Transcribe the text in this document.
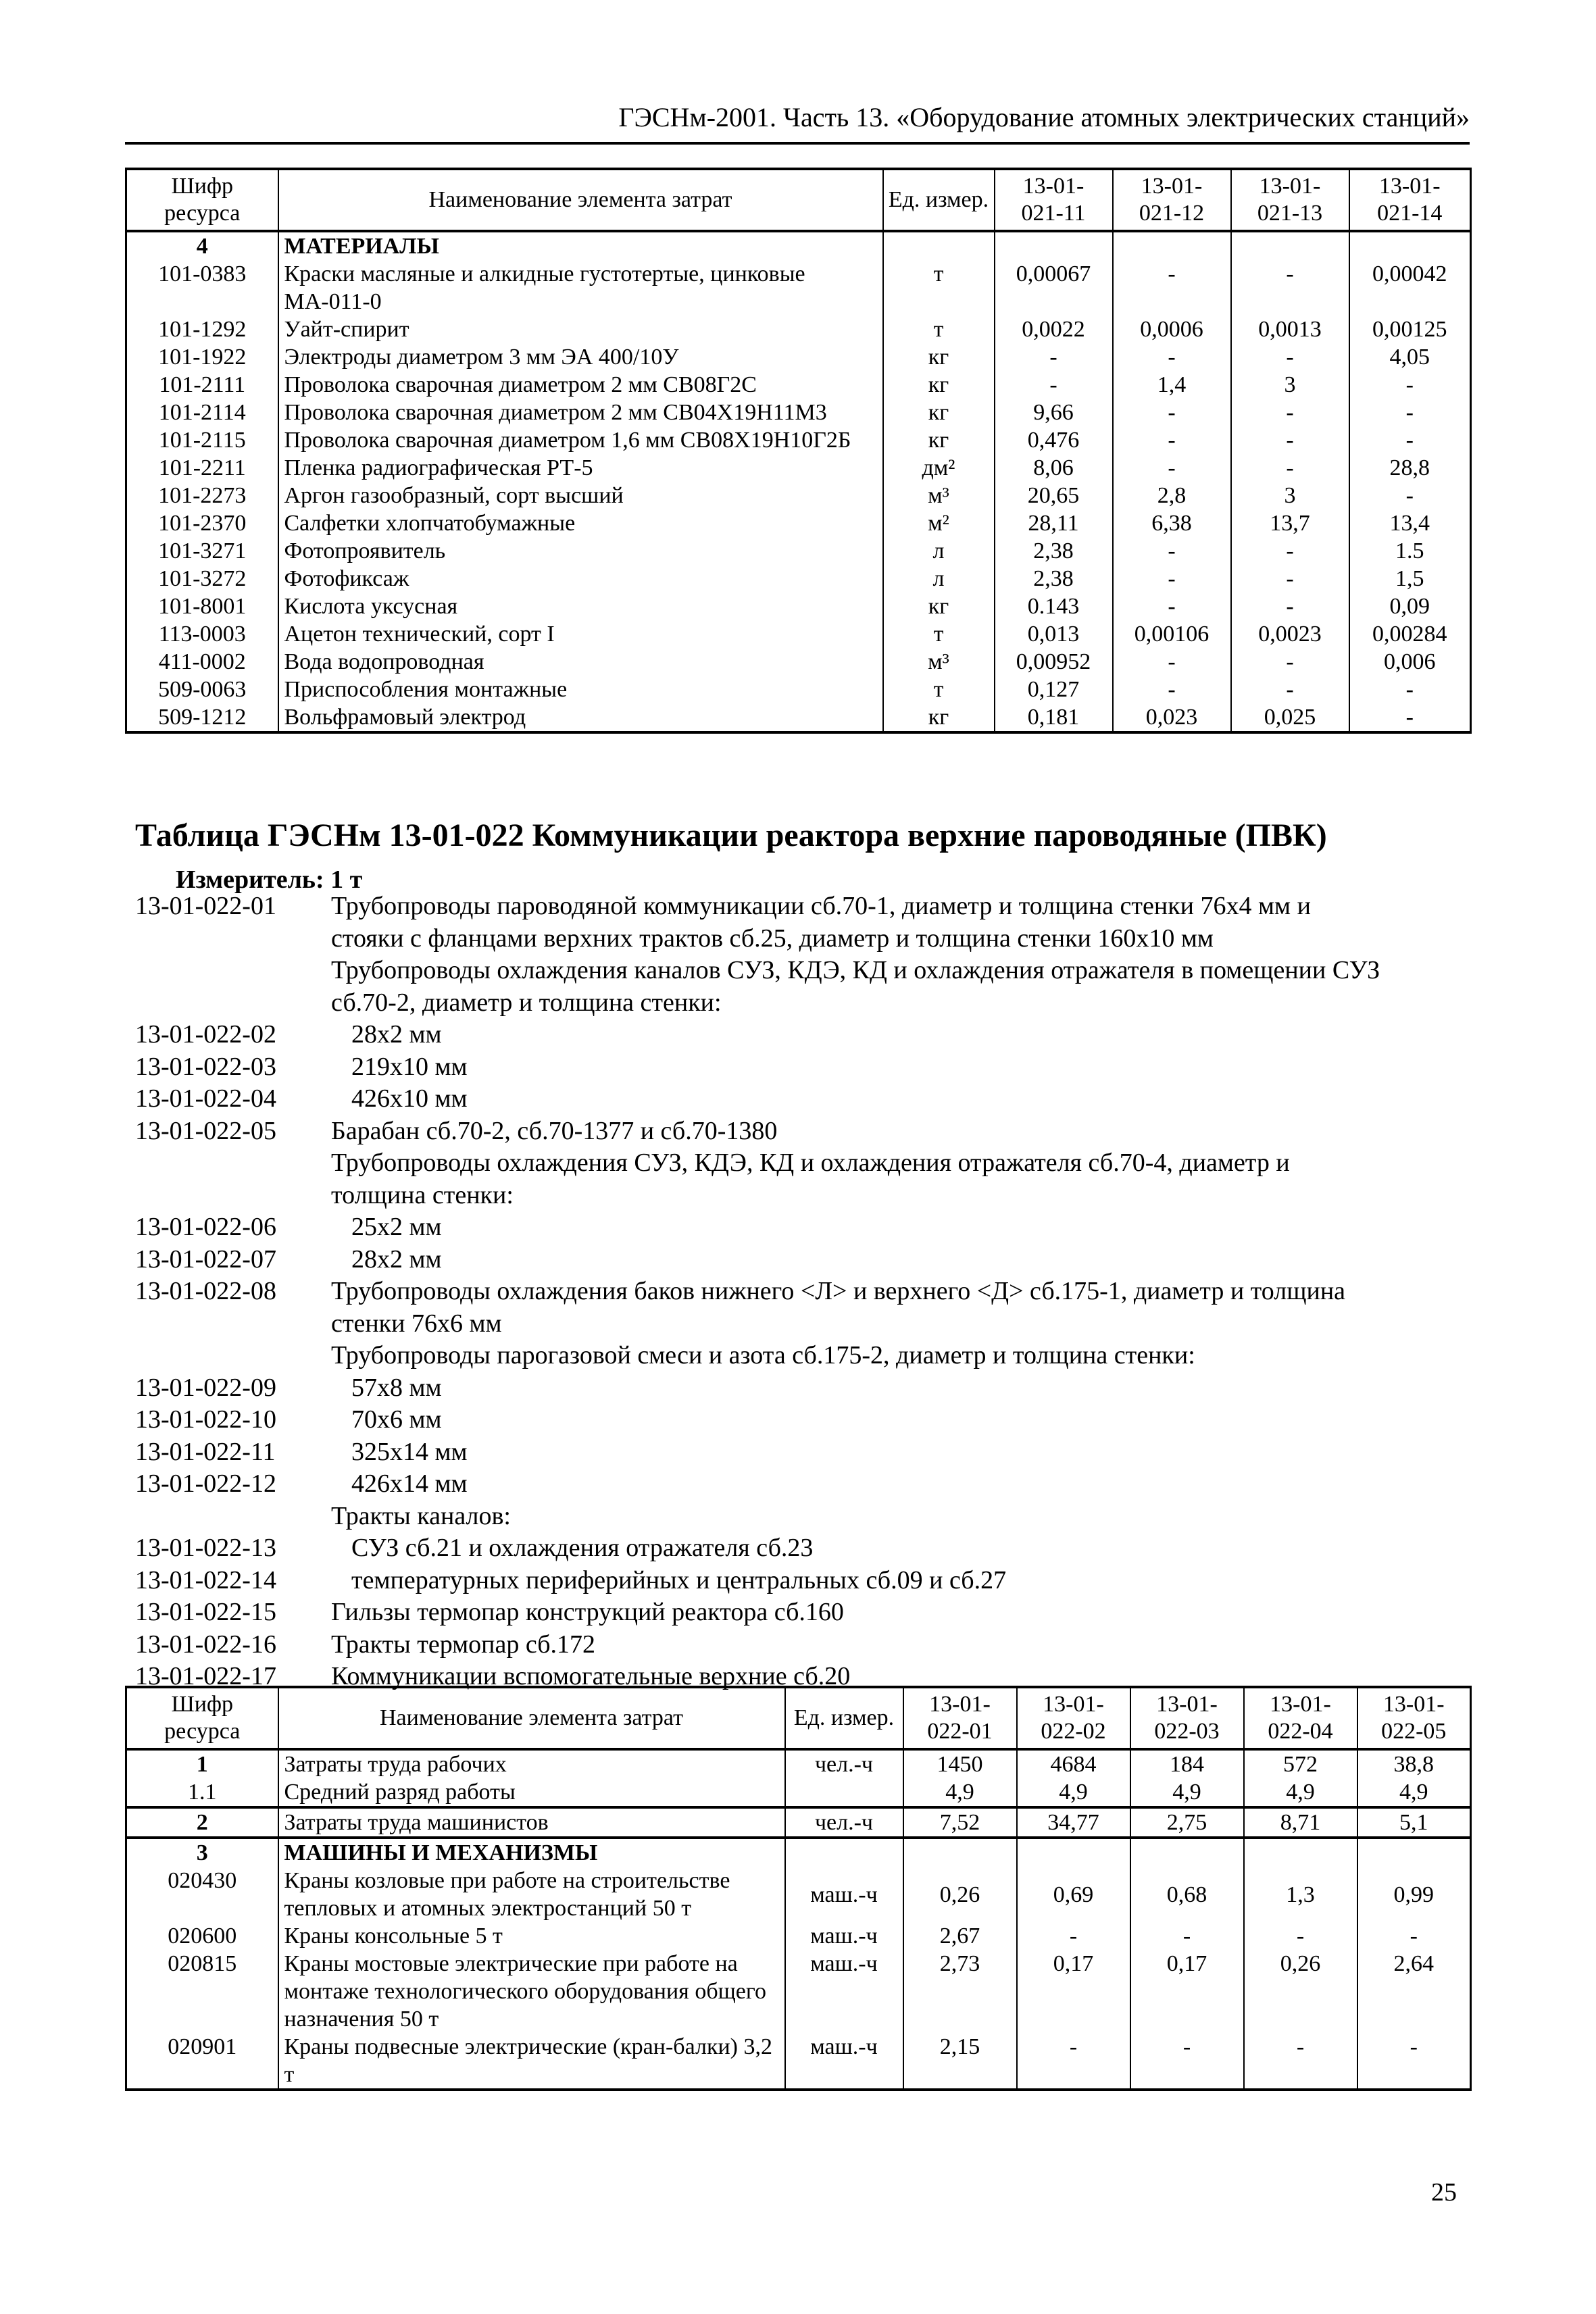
ГЭСНм-2001. Часть 13. «Оборудование атомных электрических станций»
Шифр
ресурса	Наименование элемента затрат	Ед. измер.	13-01-
021-11	13-01-
021-12	13-01-
021-13	13-01-
021-14
4	МАТЕРИАЛЫ					
101-0383	Краски масляные и алкидные густотертые, цинковые МА-011-0	т	0,00067	-	-	0,00042
101-1292	Уайт-спирит	т	0,0022	0,0006	0,0013	0,00125
101-1922	Электроды диаметром 3 мм ЭА 400/10У	кг	-	-	-	4,05
101-2111	Проволока сварочная диаметром 2 мм СВ08Г2С	кг	-	1,4	3	-
101-2114	Проволока сварочная диаметром 2 мм СВ04Х19Н11М3	кг	9,66	-	-	-
101-2115	Проволока сварочная диаметром 1,6 мм СВ08Х19Н10Г2Б	кг	0,476	-	-	-
101-2211	Пленка радиографическая РТ-5	дм²	8,06	-	-	28,8
101-2273	Аргон газообразный, сорт высший	м³	20,65	2,8	3	-
101-2370	Салфетки хлопчатобумажные	м²	28,11	6,38	13,7	13,4
101-3271	Фотопроявитель	л	2,38	-	-	1.5
101-3272	Фотофиксаж	л	2,38	-	-	1,5
101-8001	Кислота уксусная	кг	0.143	-	-	0,09
113-0003	Ацетон технический, сорт I	т	0,013	0,00106	0,0023	0,00284
411-0002	Вода водопроводная	м³	0,00952	-	-	0,006
509-0063	Приспособления монтажные	т	0,127	-	-	-
509-1212	Вольфрамовый электрод	кг	0,181	0,023	0,025	-
Таблица ГЭСНм 13-01-022 Коммуникации реактора верхние пароводяные (ПВК)
Измеритель: 1 т
13-01-022-01	Трубопроводы пароводяной коммуникации сб.70-1, диаметр и толщина стенки 76х4 мм и
стояки с фланцами верхних трактов сб.25, диаметр и толщина стенки 160х10 мм
Трубопроводы охлаждения каналов СУЗ, КДЭ, КД и охлаждения отражателя в помещении СУЗ
сб.70-2, диаметр и толщина стенки:
13-01-022-02	28х2 мм
13-01-022-03	219х10 мм
13-01-022-04	426х10 мм
13-01-022-05	Барабан сб.70-2, сб.70-1377 и сб.70-1380
Трубопроводы охлаждения СУЗ, КДЭ, КД и охлаждения отражателя сб.70-4, диаметр и
толщина стенки:
13-01-022-06	25х2 мм
13-01-022-07	28х2 мм
13-01-022-08	Трубопроводы охлаждения баков нижнего <Л> и верхнего <Д> сб.175-1, диаметр и толщина
стенки 76х6 мм
Трубопроводы парогазовой смеси и азота сб.175-2, диаметр и толщина стенки:
13-01-022-09	57х8 мм
13-01-022-10	70х6 мм
13-01-022-11	325х14 мм
13-01-022-12	426х14 мм
Тракты каналов:
13-01-022-13	СУЗ сб.21 и охлаждения отражателя сб.23
13-01-022-14	температурных периферийных и центральных сб.09 и сб.27
13-01-022-15	Гильзы термопар конструкций реактора сб.160
13-01-022-16	Тракты термопар сб.172
13-01-022-17	Коммуникации вспомогательные верхние сб.20
Шифр
ресурса	Наименование элемента затрат	Ед. измер.	13-01-
022-01	13-01-
022-02	13-01-
022-03	13-01-
022-04	13-01-
022-05
1	Затраты труда рабочих	чел.-ч	1450	4684	184	572	38,8
1.1	Средний разряд работы		4,9	4,9	4,9	4,9	4,9
2	Затраты труда машинистов	чел.-ч	7,52	34,77	2,75	8,71	5,1
3	МАШИНЫ И МЕХАНИЗМЫ						
020430	Краны козловые при работе на строительстве тепловых и атомных электростанций 50 т	маш.-ч	0,26	0,69	0,68	1,3	0,99
020600	Краны консольные 5 т	маш.-ч	2,67	-	-	-	-
020815	Краны мостовые электрические при работе на монтаже технологического оборудования общего назначения 50 т	маш.-ч	2,73	0,17	0,17	0,26	2,64
020901	Краны подвесные электрические (кран-балки) 3,2 т	маш.-ч	2,15	-	-	-	-
25
